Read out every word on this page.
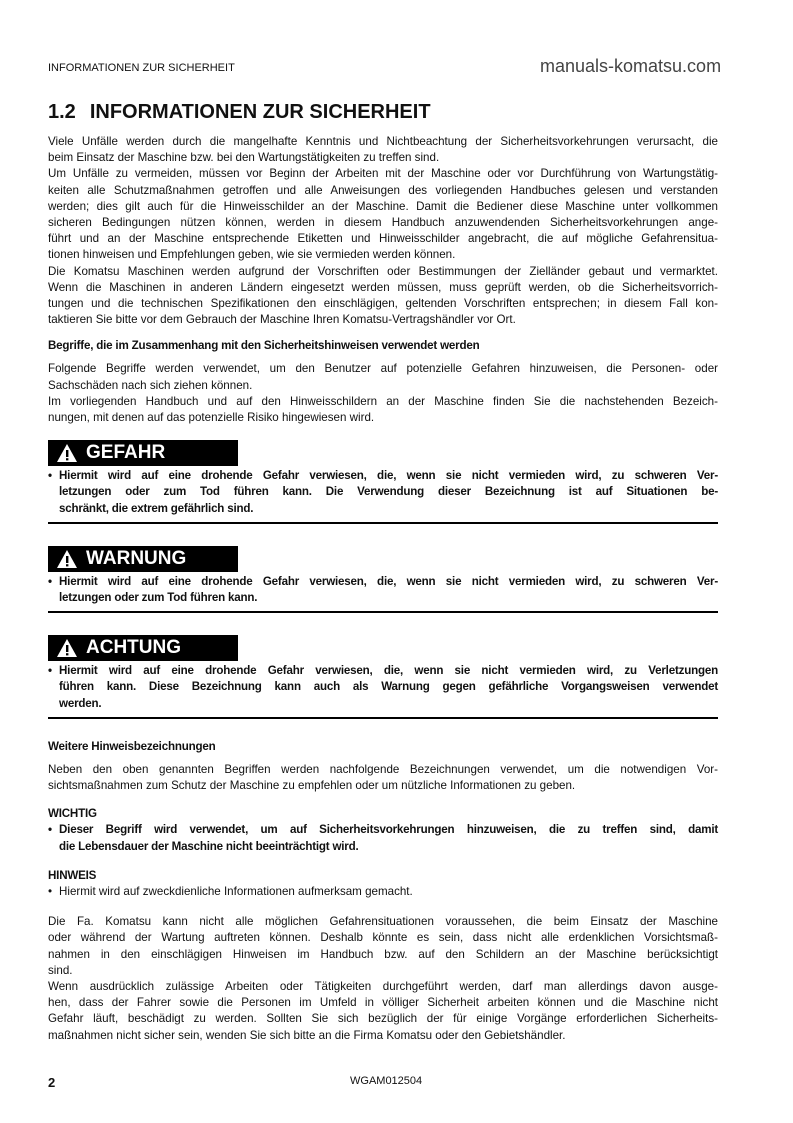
INFORMATIONEN ZUR SICHERHEIT	manuals-komatsu.com
1.2 INFORMATIONEN ZUR SICHERHEIT
Viele Unfälle werden durch die mangelhafte Kenntnis und Nichtbeachtung der Sicherheitsvorkehrungen verursacht, die
beim Einsatz der Maschine bzw. bei den Wartungstätigkeiten zu treffen sind.
Um Unfälle zu vermeiden, müssen vor Beginn der Arbeiten mit der Maschine oder vor Durchführung von Wartungstätig-
keiten alle Schutzmaßnahmen getroffen und alle Anweisungen des vorliegenden Handbuches gelesen und verstanden
werden; dies gilt auch für die Hinweisschilder an der Maschine. Damit die Bediener diese Maschine unter vollkommen
sicheren Bedingungen nützen können, werden in diesem Handbuch anzuwendenden Sicherheitsvorkehrungen ange-
führt und an der Maschine entsprechende Etiketten und Hinweisschilder angebracht, die auf mögliche Gefahrensitua-
tionen hinweisen und Empfehlungen geben, wie sie vermieden werden können.
Die Komatsu Maschinen werden aufgrund der Vorschriften oder Bestimmungen der Zielländer gebaut und vermarktet.
Wenn die Maschinen in anderen Ländern eingesetzt werden müssen, muss geprüft werden, ob die Sicherheitsvorrich-
tungen und die technischen Spezifikationen den einschlägigen, geltenden Vorschriften entsprechen; in diesem Fall kon-
taktieren Sie bitte vor dem Gebrauch der Maschine Ihren Komatsu-Vertragshändler vor Ort.
Begriffe, die im Zusammenhang mit den Sicherheitshinweisen verwendet werden
Folgende Begriffe werden verwendet, um den Benutzer auf potenzielle Gefahren hinzuweisen, die Personen- oder
Sachschäden nach sich ziehen können.
Im vorliegenden Handbuch und auf den Hinweisschildern an der Maschine finden Sie die nachstehenden Bezeich-
nungen, mit denen auf das potenzielle Risiko hingewiesen wird.
GEFAHR
• Hiermit wird auf eine drohende Gefahr verwiesen, die, wenn sie nicht vermieden wird, zu schweren Ver-
letzungen oder zum Tod führen kann. Die Verwendung dieser Bezeichnung ist auf Situationen be-
schränkt, die extrem gefährlich sind.
WARNUNG
• Hiermit wird auf eine drohende Gefahr verwiesen, die, wenn sie nicht vermieden wird, zu schweren Ver-
letzungen oder zum Tod führen kann.
ACHTUNG
• Hiermit wird auf eine drohende Gefahr verwiesen, die, wenn sie nicht vermieden wird, zu Verletzungen
führen kann. Diese Bezeichnung kann auch als Warnung gegen gefährliche Vorgangsweisen verwendet
werden.
Weitere Hinweisbezeichnungen
Neben den oben genannten Begriffen werden nachfolgende Bezeichnungen verwendet, um die notwendigen Vor-
sichtsmaßnahmen zum Schutz der Maschine zu empfehlen oder um nützliche Informationen zu geben.
WICHTIG
• Dieser Begriff wird verwendet, um auf Sicherheitsvorkehrungen hinzuweisen, die zu treffen sind, damit
die Lebensdauer der Maschine nicht beeinträchtigt wird.
HINWEIS
• Hiermit wird auf zweckdienliche Informationen aufmerksam gemacht.
Die Fa. Komatsu kann nicht alle möglichen Gefahrensituationen voraussehen, die beim Einsatz der Maschine
oder während der Wartung auftreten können. Deshalb könnte es sein, dass nicht alle erdenklichen Vorsichtsmaß-
nahmen in den einschlägigen Hinweisen im Handbuch bzw. auf den Schildern an der Maschine berücksichtigt
sind.
Wenn ausdrücklich zulässige Arbeiten oder Tätigkeiten durchgeführt werden, darf man allerdings davon ausge-
hen, dass der Fahrer sowie die Personen im Umfeld in völliger Sicherheit arbeiten können und die Maschine nicht
Gefahr läuft, beschädigt zu werden. Sollten Sie sich bezüglich der für einige Vorgänge erforderlichen Sicherheits-
maßnahmen nicht sicher sein, wenden Sie sich bitte an die Firma Komatsu oder den Gebietshändler.
2	WGAM012504
